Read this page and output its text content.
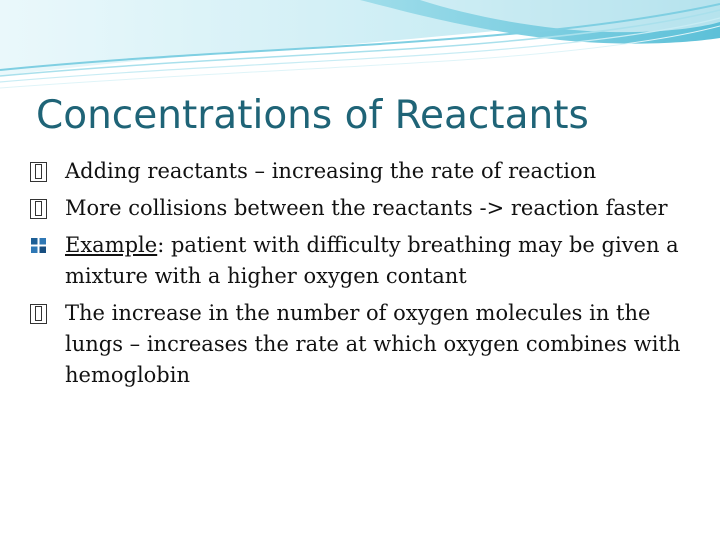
Concentrations of Reactants
Adding reactants – increasing the rate of reaction
More collisions between the reactants -> reaction faster
Example: patient with difficulty breathing may be given a mixture with a higher oxygen contant
The increase in the number of oxygen molecules in the lungs – increases the rate at which oxygen combines with hemoglobin
